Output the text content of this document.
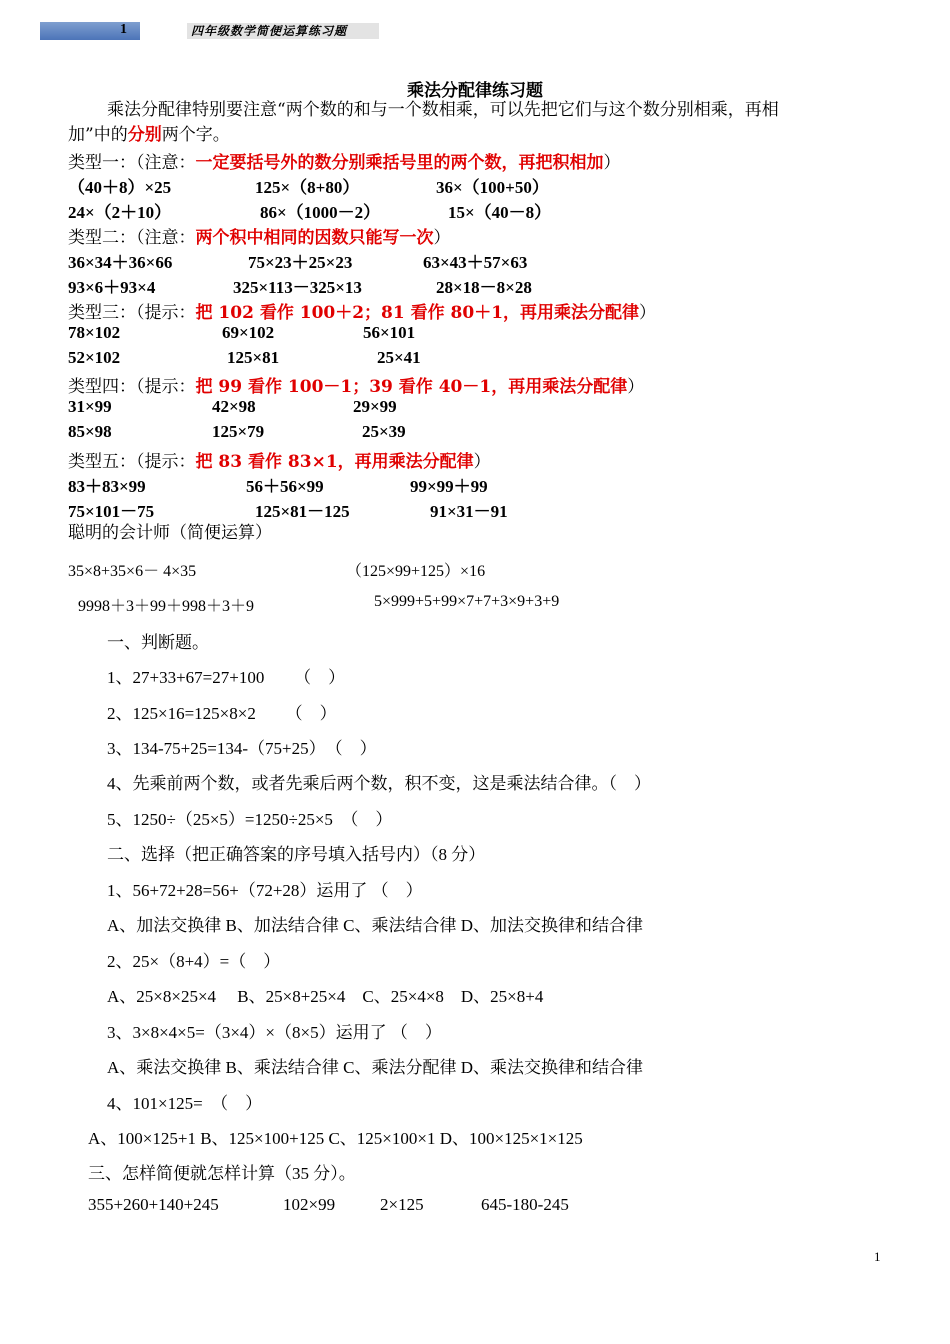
1	四年级数学简便运算练习题
乘法分配律练习题
乘法分配律特别要注意“两个数的和与一个数相乘，可以先把它们与这个数分别相乘，再相
加”中的分别两个字。
类型一：（注意：一定要括号外的数分别乘括号里的两个数，再把积相加）
（40＋8）×25	125×（8+80）	36×（100+50）
24×（2＋10）	86×（1000－2）	15×（40－8）
类型二：（注意：两个积中相同的因数只能写一次）
36×34＋36×66	75×23＋25×23	63×43＋57×63
93×6＋93×4	325×113－325×13	28×18－8×28
类型三：（提示：把 102 看作 100＋2；81 看作 80＋1，再用乘法分配律）
78×102	69×102	56×101
52×102	125×81	25×41
类型四：（提示：把 99 看作 100－1；39 看作 40－1，再用乘法分配律）
31×99	42×98	29×99
85×98	125×79	25×39
类型五：（提示：把 83 看作 83×1，再用乘法分配律）
83＋83×99	56＋56×99	99×99＋99
75×101－75	125×81－125	91×31－91
聪明的会计师（简便运算）
35×8+35×6－ 4×35	（125×99+125）×16
9998＋3＋99＋998＋3＋9	5×999+5+99×7+7+3×9+3+9
一、判断题。
1、27+33+67=27+100 　　（　）
2、125×16=125×8×2 　　（　）
3、134-75+25=134-（75+25）　（　）
4、先乘前两个数，或者先乘后两个数，积不变，这是乘法结合律。（　）
5、1250÷（25×5）=1250÷25×5　（　）
二、选择（把正确答案的序号填入括号内）（8 分）
1、56+72+28=56+（72+28）运用了 （　）
A、加法交换律 B、加法结合律 C、乘法结合律 D、加法交换律和结合律
2、25×（8+4）=（　）
A、25×8×25×4　 B、25×8+25×4　C、25×4×8　D、25×8+4
3、3×8×4×5=（3×4）×（8×5）运用了 （　）
A、乘法交换律 B、乘法结合律 C、乘法分配律 D、乘法交换律和结合律
4、101×125=　（　）
A、100×125+1 B、125×100+125 C、125×100×1 D、100×125×1×125
三、怎样简便就怎样计算（35 分）。
355+260+140+245	102×99	2×125	645-180-245
1
